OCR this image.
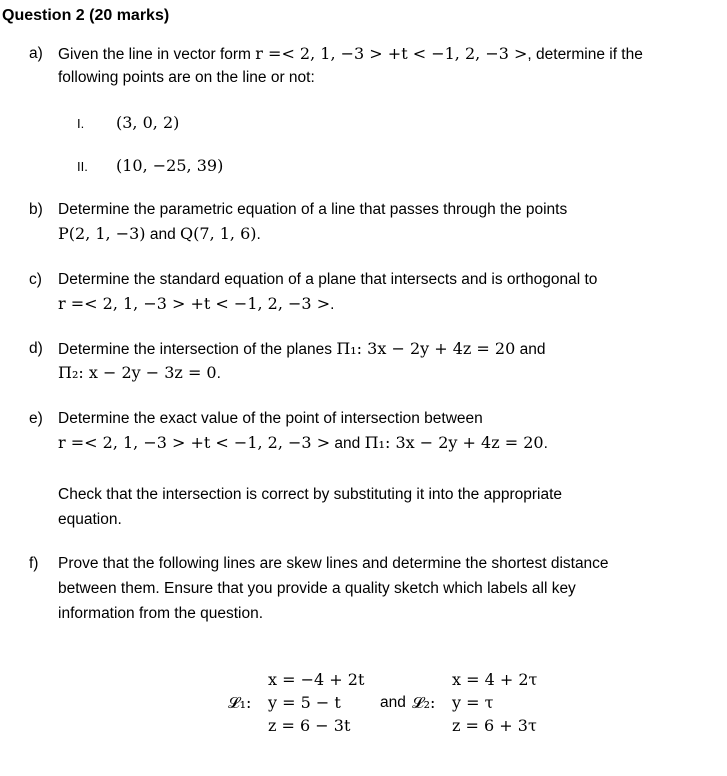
Question 2 (20 marks)
a) Given the line in vector form r =< 2, 1, −3 > +t < −1, 2, −3 >, determine if the
following points are on the line or not:
I. (3, 0, 2)
II. (10, −25, 39)
b) Determine the parametric equation of a line that passes through the points
P(2, 1, −3) and Q(7, 1, 6).
c) Determine the standard equation of a plane that intersects and is orthogonal to
r =< 2, 1, −3 > +t < −1, 2, −3 >.
d) Determine the intersection of the planes Π₁: 3x − 2y + 4z = 20 and
Π₂: x − 2y − 3z = 0.
e) Determine the exact value of the point of intersection between
r =< 2, 1, −3 > +t < −1, 2, −3 > and Π₁: 3x − 2y + 4z = 20.
Check that the intersection is correct by substituting it into the appropriate
equation.
f) Prove that the following lines are skew lines and determine the shortest distance
between them. Ensure that you provide a quality sketch which labels all key
information from the question.
x = −4 + 2t
𝓛₁: y = 5 − t
z = 6 − 3t
and
x = 4 + 2τ
𝓛₂: y = τ
z = 6 + 3τ
